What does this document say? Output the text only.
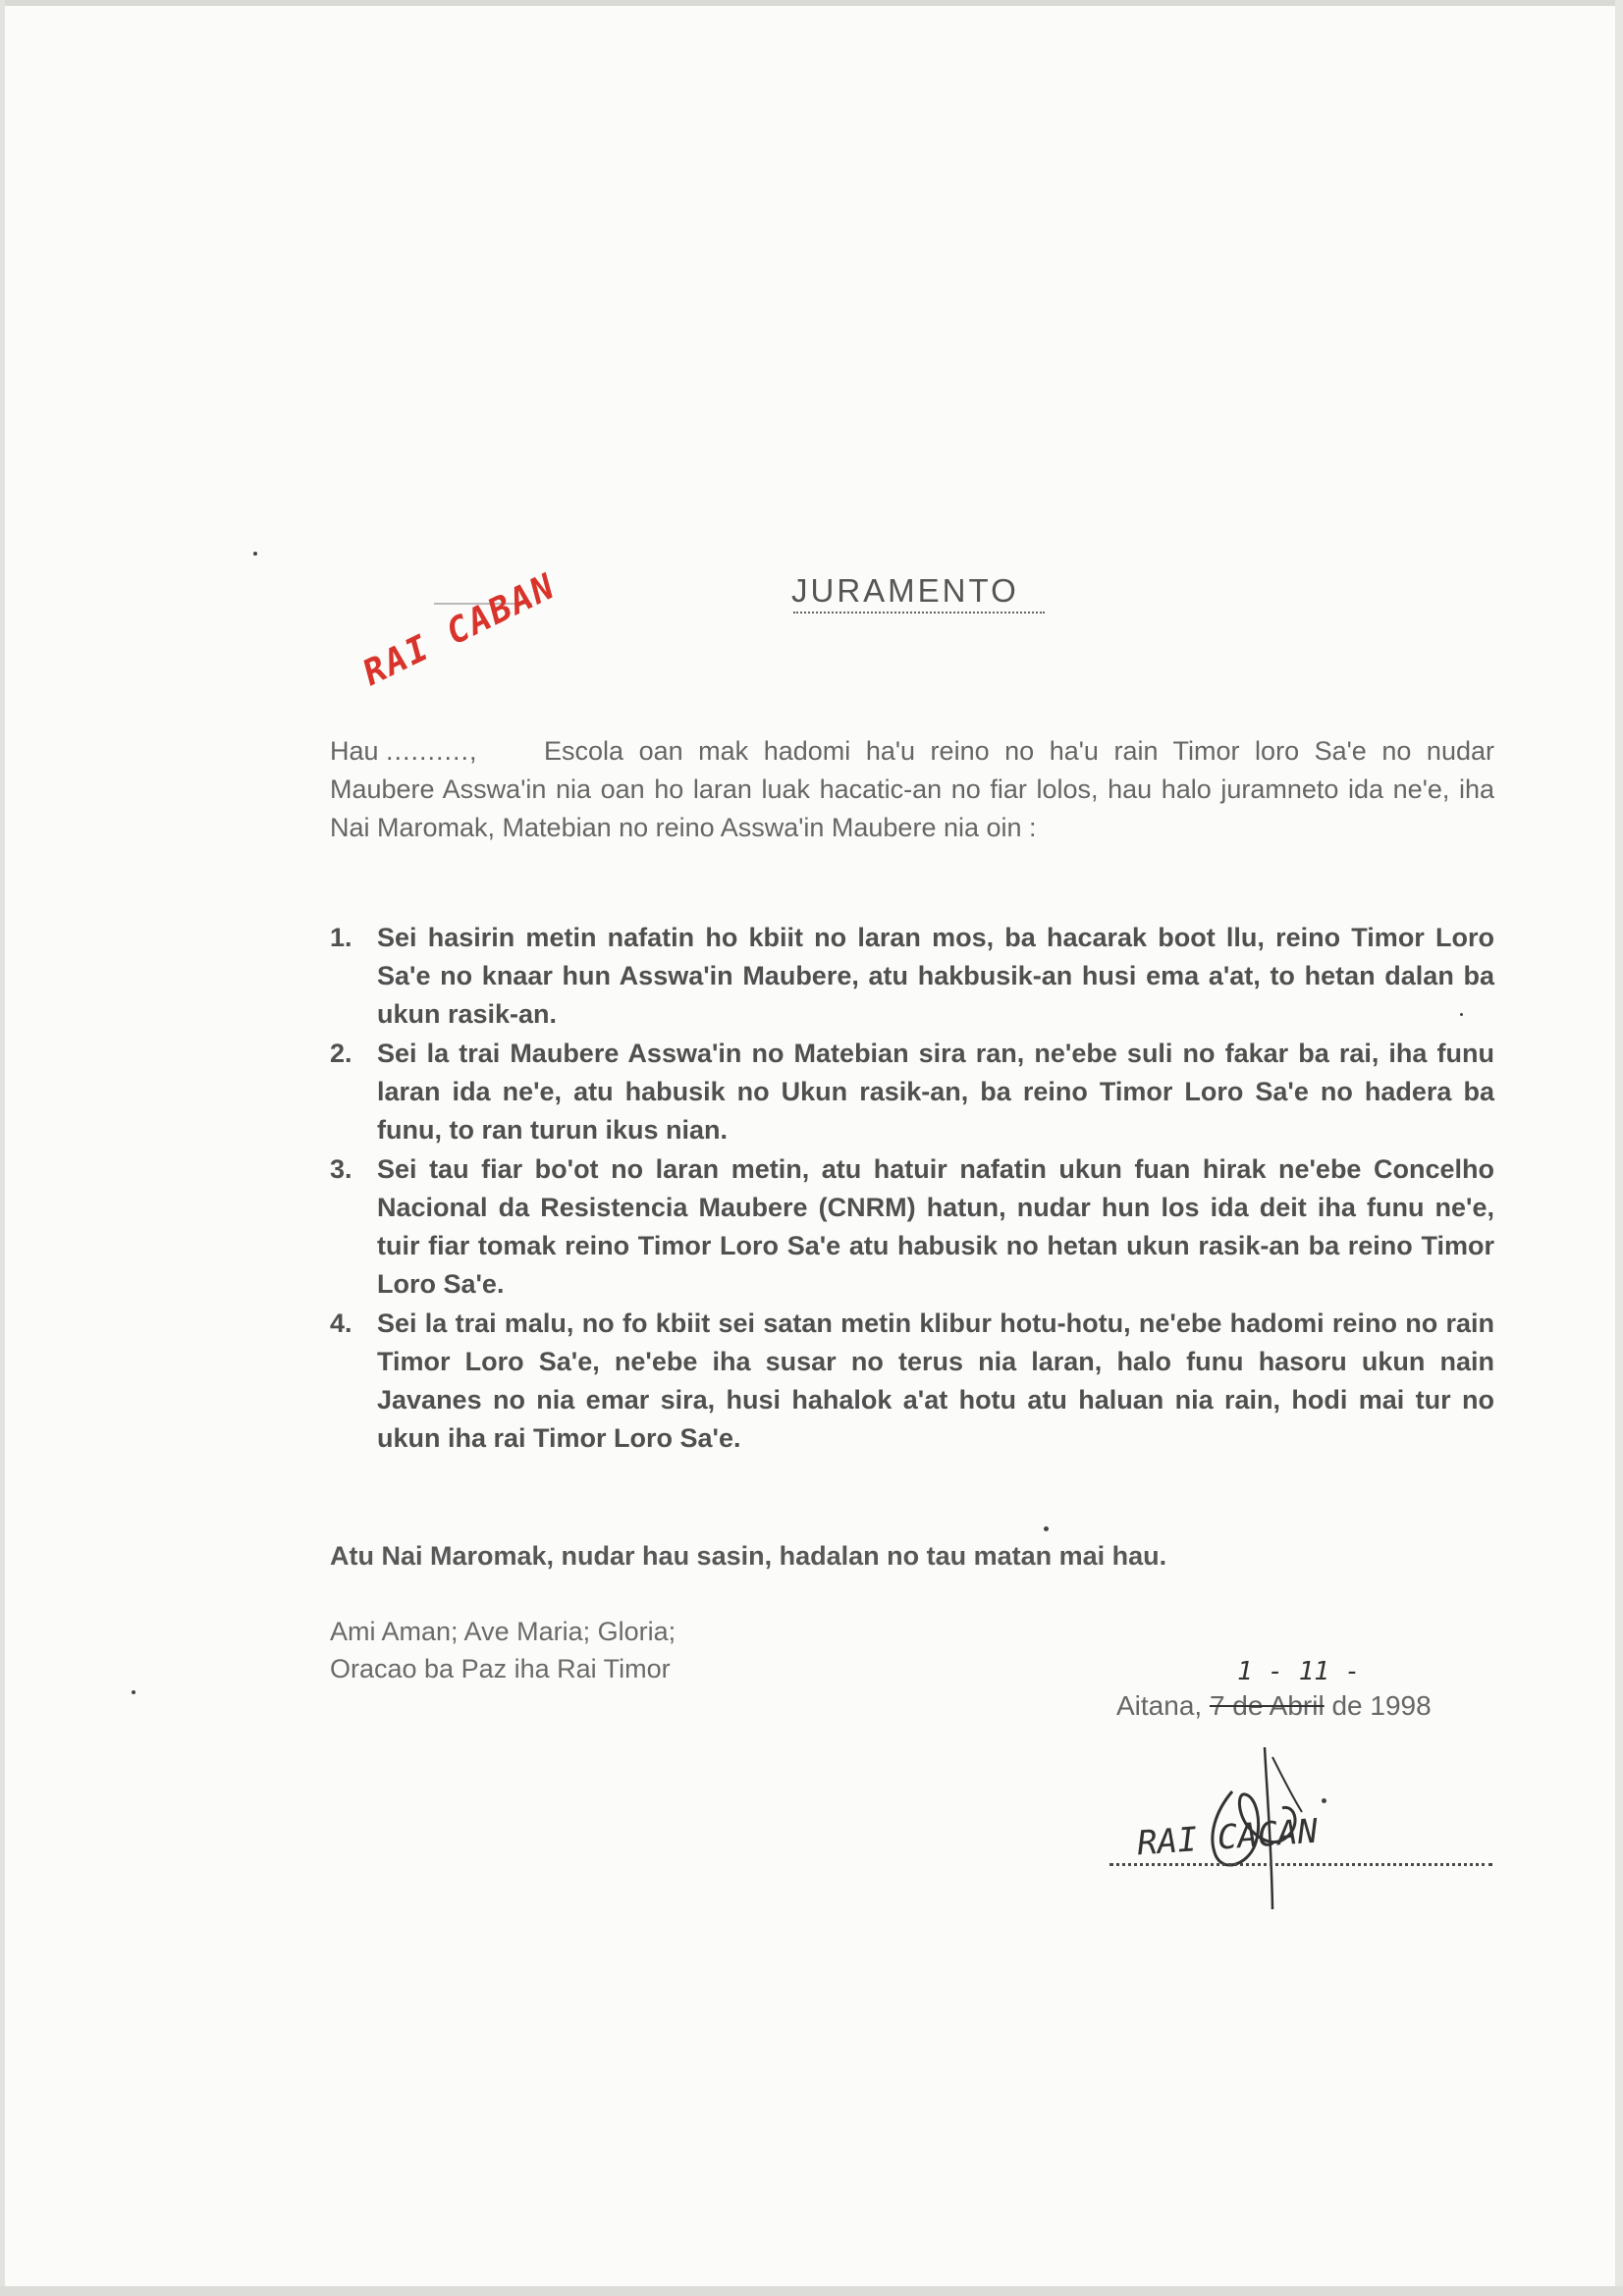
JURAMENTO
RAI CABAN
Hau .........., Escola oan mak hadomi ha'u reino no ha'u rain Timor loro Sa'e no nudar Maubere Asswa'in nia oan ho laran luak hacatic-an no fiar lolos, hau halo juramneto ida ne'e, iha Nai Maromak, Matebian no reino Asswa'in Maubere nia oin :
1. Sei hasirin metin nafatin ho kbiit no laran mos, ba hacarak boot llu, reino Timor Loro Sa'e no knaar hun Asswa'in Maubere, atu hakbusik-an husi ema a'at, to hetan dalan ba ukun rasik-an.
2. Sei la trai Maubere Asswa'in no Matebian sira ran, ne'ebe suli no fakar ba rai, iha funu laran ida ne'e, atu habusik no Ukun rasik-an, ba reino Timor Loro Sa'e no hadera ba funu, to ran turun ikus nian.
3. Sei tau fiar bo'ot no laran metin, atu hatuir nafatin ukun fuan hirak ne'ebe Concelho Nacional da Resistencia Maubere (CNRM) hatun, nudar hun los ida deit iha funu ne'e, tuir fiar tomak reino Timor Loro Sa'e atu habusik no hetan ukun rasik-an ba reino Timor Loro Sa'e.
4. Sei la trai malu, no fo kbiit sei satan metin klibur hotu-hotu, ne'ebe hadomi reino no rain Timor Loro Sa'e, ne'ebe iha susar no terus nia laran, halo funu hasoru ukun nain Javanes no nia emar sira, husi hahalok a'at hotu atu haluan nia rain, hodi mai tur no ukun iha rai Timor Loro Sa'e.
Atu Nai Maromak, nudar hau sasin, hadalan no tau matan mai hau.
Ami Aman; Ave Maria; Gloria;
Oracao ba Paz iha Rai Timor	1 - 11 -
Aitana, 7 de Abril de 1998
RAI CACAN
